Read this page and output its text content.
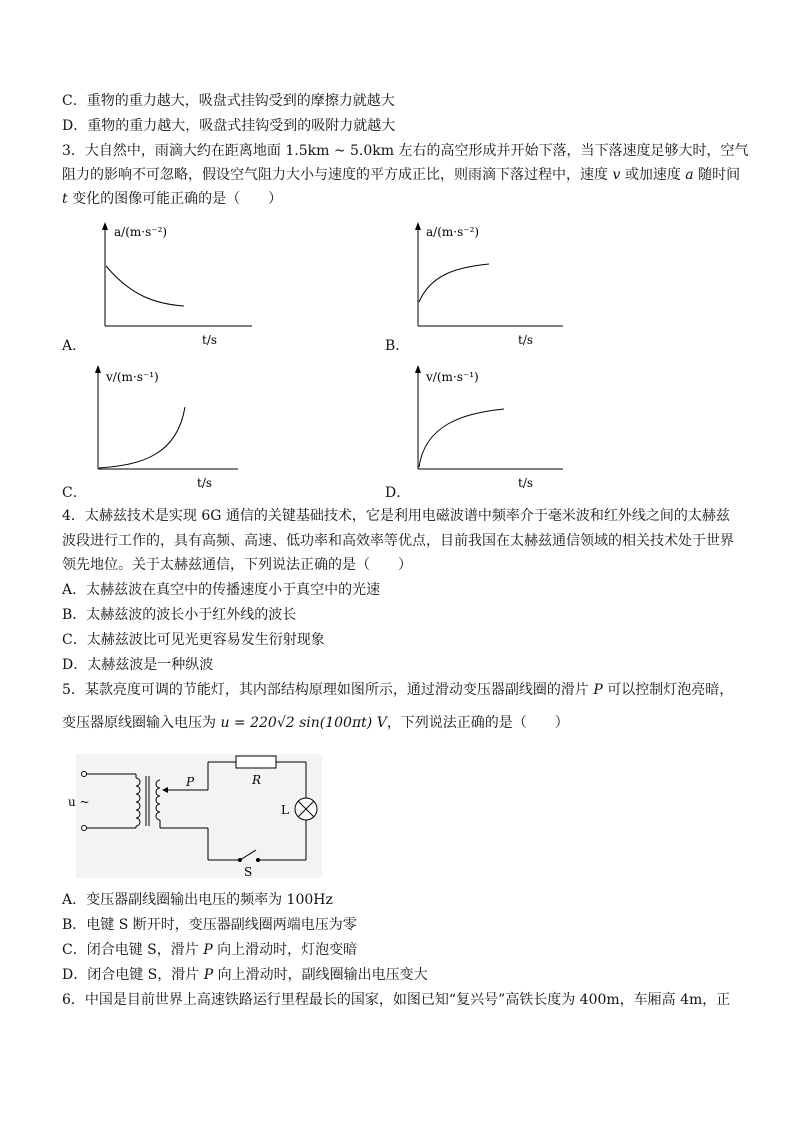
C．重物的重力越大，吸盘式挂钩受到的摩擦力就越大
D．重物的重力越大，吸盘式挂钩受到的吸附力就越大
3．大自然中，雨滴大约在距离地面 1.5km ~ 5.0km 左右的高空形成并开始下落，当下落速度足够大时，空气
阻力的影响不可忽略，假设空气阻力大小与速度的平方成正比，则雨滴下落过程中，速度 v 或加速度 a 随时间
t 变化的图像可能正确的是（　　）
a/(m·s⁻²)
t/s
A．
a/(m·s⁻²)
t/s
B．
v/(m·s⁻¹)
t/s
C．
v/(m·s⁻¹)
t/s
D．
4．太赫兹技术是实现 6G 通信的关键基础技术，它是利用电磁波谱中频率介于毫米波和红外线之间的太赫兹
波段进行工作的，具有高频、高速、低功率和高效率等优点，目前我国在太赫兹通信领域的相关技术处于世界
领先地位。关于太赫兹通信，下列说法正确的是（　　）
A．太赫兹波在真空中的传播速度小于真空中的光速
B．太赫兹波的波长小于红外线的波长
C．太赫兹波比可见光更容易发生衍射现象
D．太赫兹波是一种纵波
5．某款亮度可调的节能灯，其内部结构原理如图所示，通过滑动变压器副线圈的滑片 P 可以控制灯泡亮暗，
变压器原线圈输入电压为 u = 220√2 sin(100πt) V，下列说法正确的是（　　）
u ~
P	R
L
S
A．变压器副线圈输出电压的频率为 100Hz
B．电键 S 断开时，变压器副线圈两端电压为零
C．闭合电键 S，滑片 P 向上滑动时，灯泡变暗
D．闭合电键 S，滑片 P 向上滑动时，副线圈输出电压变大
6．中国是目前世界上高速铁路运行里程最长的国家，如图已知“复兴号”高铁长度为 400m，车厢高 4m，正
